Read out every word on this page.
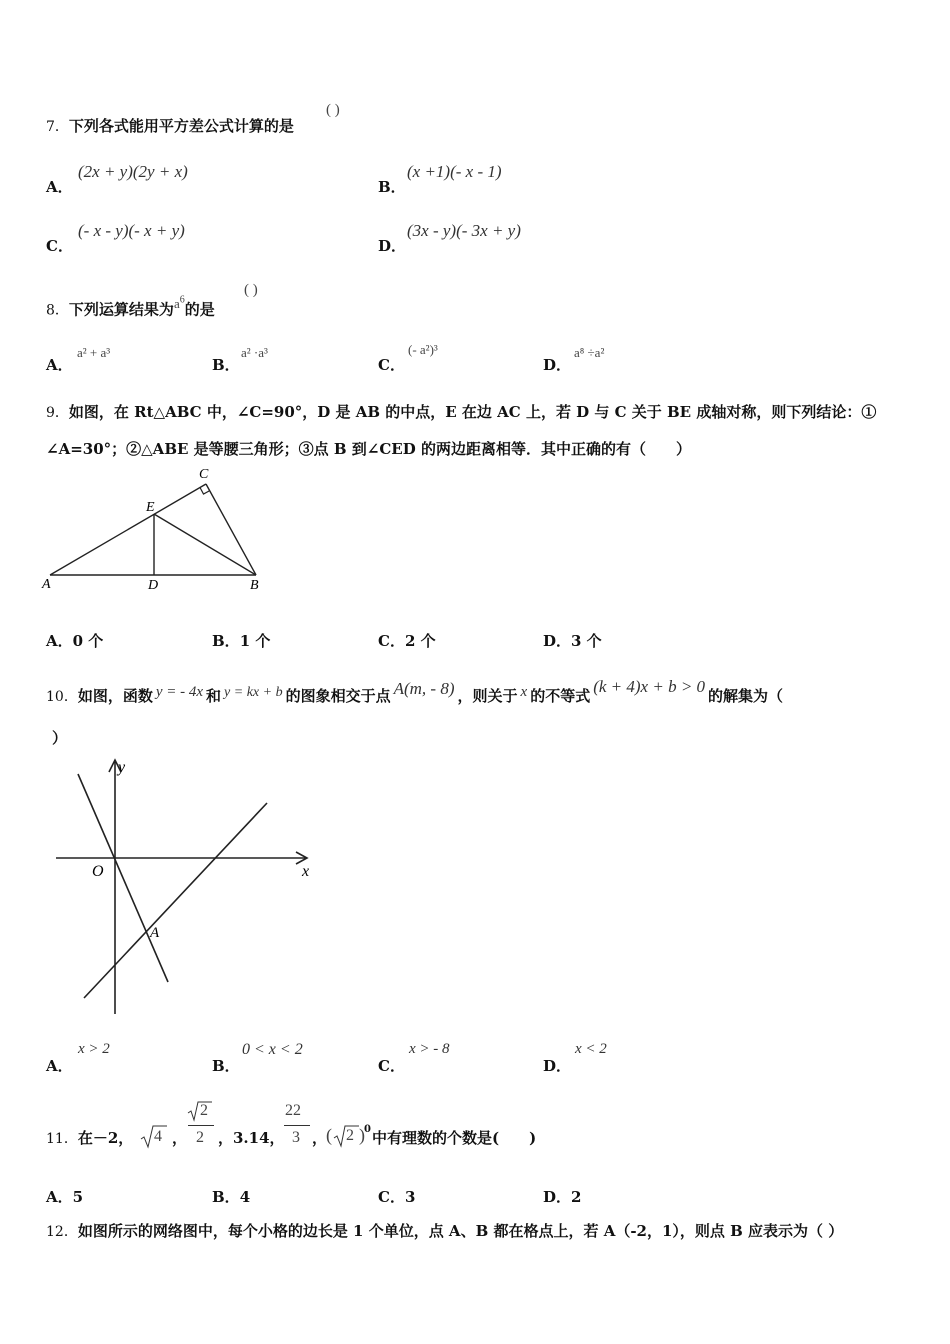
7．下列各式能用平方差公式计算的是
( )
A．
(2x + y)(2y + x)
B．
(x +1)(- x - 1)
C．
(- x - y)(- x + y)
D．
(3x - y)(- 3x + y)
8．下列运算结果为$a^6$的是
( )
A．
a² + a³
B．
a² ·a³
C．
(- a²)³
D．
a⁸ ÷a²
9．如图，在 Rt△ABC 中，∠C=90°，D 是 AB 的中点，E 在边 AC 上，若 D 与 C 关于 BE 成轴对称，则下列结论：①
∠A=30°；②△ABE 是等腰三角形；③点 B 到∠CED 的两边距离相等．其中正确的有（　　）
A	B
C
D
E
A．0 个	B．1 个	C．2 个	D．3 个
10．如图，函数 y = - 4x 和 y = kx + b 的图象相交于点 A(m, - 8) ，则关于 x 的不等式 (k + 4)x + b > 0 的解集为（
）
y
x
O
A
A．
x > 2
B．
0 < x < 2
C．
x > - 8
D．
x < 2
11．在－2， 4 ，
2
2 ，3.14，
22
3 ，
( 2 ) 0 中有理数的个数是(　　)
A．5	B．4	C．3	D．2
12．如图所示的网络图中，每个小格的边长是 1 个单位，点 A、B 都在格点上，若 A（-2，1），则点 B 应表示为（ ）
